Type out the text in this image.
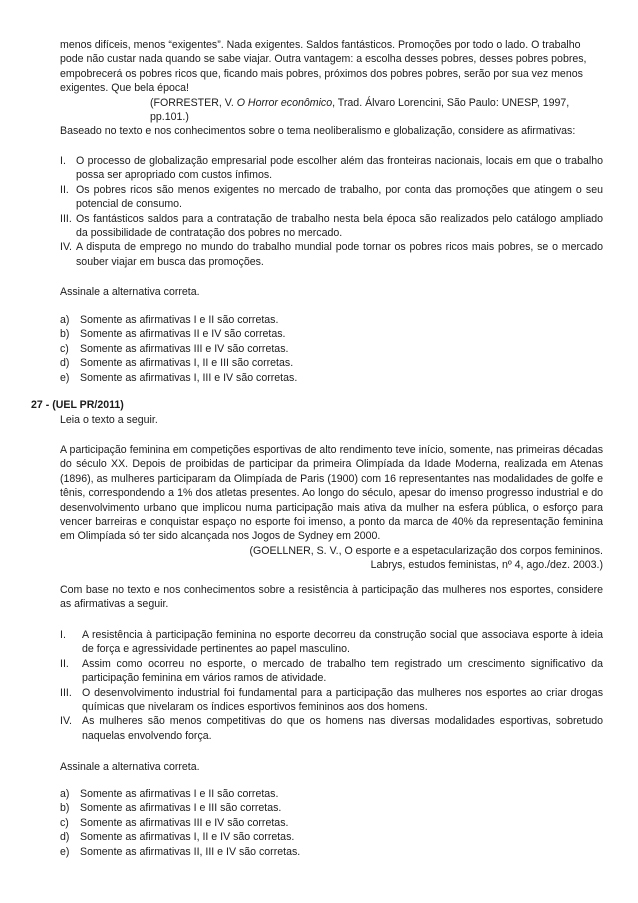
menos difíceis, menos “exigentes”. Nada exigentes. Saldos fantásticos. Promoções por todo o lado. O trabalho

pode não custar nada quando se sabe viajar. Outra vantagem: a escolha desses pobres, desses pobres pobres,

empobrecerá os pobres ricos que, ficando mais pobres, próximos dos pobres pobres, serão por sua vez menos

exigentes. Que bela época!

(FORRESTER, V. O Horror econômico, Trad. Álvaro Lorencini, São Paulo: UNESP, 1997, pp.101.)

Baseado no texto e nos conhecimentos sobre o tema neoliberalismo e globalização, considere as afirmativas:
I. O processo de globalização empresarial pode escolher além das fronteiras nacionais, locais em que o trabalho possa ser apropriado com custos ínfimos.
II. Os pobres ricos são menos exigentes no mercado de trabalho, por conta das promoções que atingem o seu potencial de consumo.
III. Os fantásticos saldos para a contratação de trabalho nesta bela época são realizados pelo catálogo ampliado da possibilidade de contratação dos pobres no mercado.
IV. A disputa de emprego no mundo do trabalho mundial pode tornar os pobres ricos mais pobres, se o mercado souber viajar em busca das promoções.
Assinale a alternativa correta.
a) Somente as afirmativas I e II são corretas.
b) Somente as afirmativas II e IV são corretas.
c) Somente as afirmativas III e IV são corretas.
d) Somente as afirmativas I, II e III são corretas.
e) Somente as afirmativas I, III e IV são corretas.
27 - (UEL PR/2011)
Leia o texto a seguir.

A participação feminina em competições esportivas de alto rendimento teve início, somente, nas primeiras décadas do século XX. Depois de proibidas de participar da primeira Olimpíada da Idade Moderna, realizada em Atenas (1896), as mulheres participaram da Olimpíada de Paris (1900) com 16 representantes nas modalidades de golfe e tênis, correspondendo a 1% dos atletas presentes. Ao longo do século, apesar do imenso progresso industrial e do desenvolvimento urbano que implicou numa participação mais ativa da mulher na esfera pública, o esforço para vencer barreiras e conquistar espaço no esporte foi imenso, a ponto da marca de 40% da representação feminina em Olimpíada só ter sido alcançada nos Jogos de Sydney em 2000.

(GOELLNER, S. V., O esporte e a espetacularização dos corpos femininos.

Labrys, estudos feministas, nº 4, ago./dez. 2003.)

Com base no texto e nos conhecimentos sobre a resistência à participação das mulheres nos esportes, considere as afirmativas a seguir.
I. A resistência à participação feminina no esporte decorreu da construção social que associava esporte à ideia de força e agressividade pertinentes ao papel masculino.
II. Assim como ocorreu no esporte, o mercado de trabalho tem registrado um crescimento significativo da participação feminina em vários ramos de atividade.
III. O desenvolvimento industrial foi fundamental para a participação das mulheres nos esportes ao criar drogas químicas que nivelaram os índices esportivos femininos aos dos homens.
IV. As mulheres são menos competitivas do que os homens nas diversas modalidades esportivas, sobretudo naquelas envolvendo força.
Assinale a alternativa correta.
a) Somente as afirmativas I e II são corretas.
b) Somente as afirmativas I e III são corretas.
c) Somente as afirmativas III e IV são corretas.
d) Somente as afirmativas I, II e IV são corretas.
e) Somente as afirmativas II, III e IV são corretas.
